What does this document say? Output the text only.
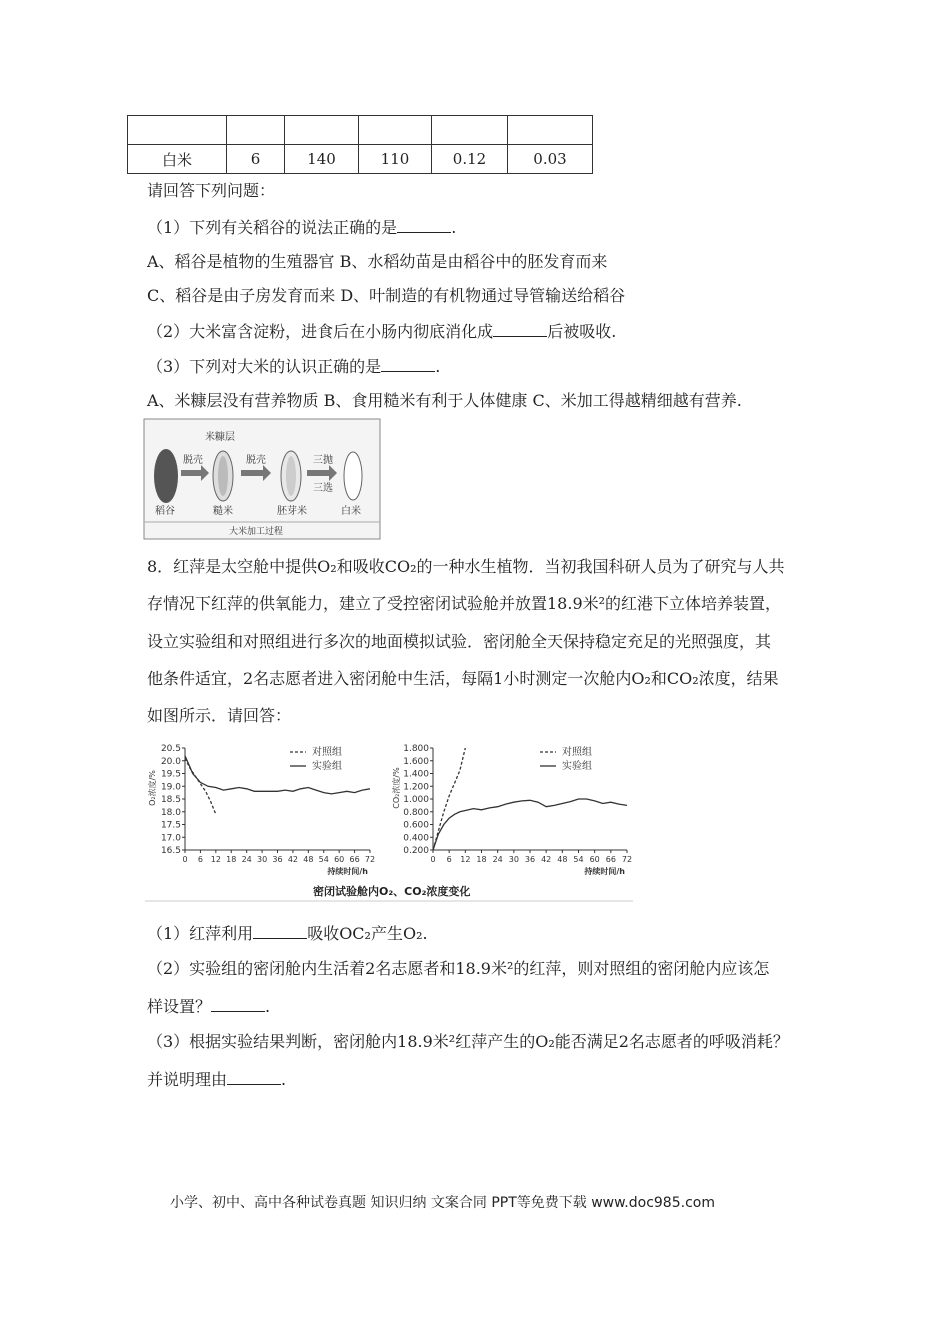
白米	6	140	110	0.12	0.03
请回答下列问题：
（1）下列有关稻谷的说法正确的是	.
A、稻谷是植物的生殖器官 B、水稻幼苗是由稻谷中的胚发育而来
C、稻谷是由子房发育而来 D、叶制造的有机物通过导管输送给稻谷
（2）大米富含淀粉，进食后在小肠内彻底消化成	后被吸收.
（3）下列对大米的认识正确的是	.
A、米糠层没有营养物质 B、食用糙米有利于人体健康 C、米加工得越精细越有营养.
米糠层
脱壳	脱壳	三抛
三选
稻谷	糙米	胚芽米	白米
大米加工过程
8．红萍是太空舱中提供O₂和吸收CO₂的一种水生植物．当初我国科研人员为了研究与人共
存情况下红萍的供氧能力，建立了受控密闭试验舱并放置18.9米²的红港下立体培养装置，
设立实验组和对照组进行多次的地面模拟试验．密闭舱全天保持稳定充足的光照强度，其
他条件适宜，2名志愿者进入密闭舱中生活，每隔1小时测定一次舱内O₂和CO₂浓度，结果
如图所示．请回答：
20.5
20.0
19.5
19.0
18.5
18.0
17.5
17.0
16.5
0 6 12 18 24 30 36 42 48 54 60 66 72
持续时间/h
O₂浓度/%
对照组
实验组
1.800
1.600
1.400
1.200
1.000
0.800
0.600
0.400
0.200
0 6 12 18 24 30 36 42 48 54 60 66 72
持续时间/h
CO₂浓度/%
对照组
实验组
密闭试验舱内O₂、CO₂浓度变化
（1）红萍利用	吸收OC₂产生O₂.
（2）实验组的密闭舱内生活着2名志愿者和18.9米²的红萍，则对照组的密闭舱内应该怎
样设置？	.
（3）根据实验结果判断，密闭舱内18.9米²红萍产生的O₂能否满足2名志愿者的呼吸消耗？
并说明理由	.
小学、初中、高中各种试卷真题 知识归纳 文案合同 PPT等免费下载 www.doc985.com
